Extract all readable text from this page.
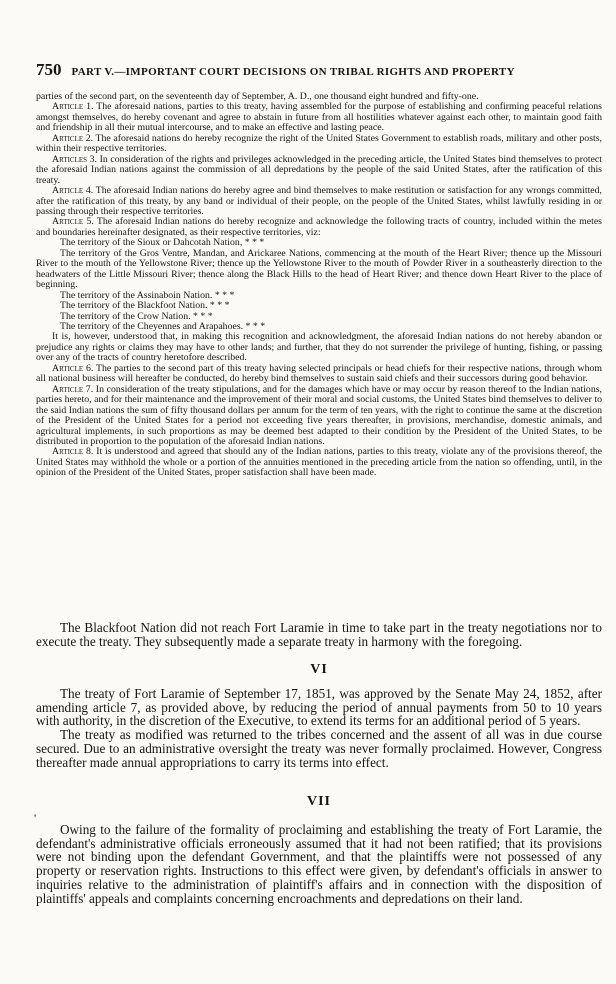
750 PART V.—IMPORTANT COURT DECISIONS ON TRIBAL RIGHTS AND PROPERTY

parties of the second part, on the seventeenth day of September, A. D., one thousand eight hundred and fifty-one.

Article 1. The aforesaid nations, parties to this treaty, having assembled for the purpose of establishing and confirming peaceful relations amongst themselves, do hereby covenant and agree to abstain in future from all hostilities whatever against each other, to maintain good faith and friendship in all their mutual intercourse, and to make an effective and lasting peace.

Article 2. The aforesaid nations do hereby recognize the right of the United States Government to establish roads, military and other posts, within their respective territories.

Articles 3. In consideration of the rights and privileges acknowledged in the preceding article, the United States bind themselves to protect the aforesaid Indian nations against the commission of all depredations by the people of the said United States, after the ratification of this treaty.

Article 4. The aforesaid Indian nations do hereby agree and bind themselves to make restitution or satisfaction for any wrongs committed, after the ratification of this treaty, by any band or individual of their people, on the people of the United States, whilst lawfully residing in or passing through their respective territories.

Article 5. The aforesaid Indian nations do hereby recognize and acknowledge the following tracts of country, included within the metes and boundaries hereinafter designated, as their respective territories, viz:

The territory of the Sioux or Dahcotah Nation, * * *

The territory of the Gros Ventre, Mandan, and Arickaree Nations, commencing at the mouth of the Heart River; thence up the Missouri River to the mouth of the Yellowstone River; thence up the Yellowstone River to the mouth of Powder River in a southeasterly direction to the headwaters of the Little Missouri River; thence along the Black Hills to the head of Heart River; and thence down Heart River to the place of beginning.

The territory of the Assinaboin Nation. * * *

The territory of the Blackfoot Nation. * * *

The territory of the Crow Nation. * * *

The territory of the Cheyennes and Arapahoes. * * *

It is, however, understood that, in making this recognition and acknowledgment, the aforesaid Indian nations do not hereby abandon or prejudice any rights or claims they may have to other lands; and further, that they do not surrender the privilege of hunting, fishing, or passing over any of the tracts of country heretofore described.

Article 6. The parties to the second part of this treaty having selected principals or head chiefs for their respective nations, through whom all national business will hereafter be conducted, do hereby bind themselves to sustain said chiefs and their successors during good behavior.

Article 7. In consideration of the treaty stipulations, and for the damages which have or may occur by reason thereof to the Indian nations, parties hereto, and for their maintenance and the improvement of their moral and social customs, the United States bind themselves to deliver to the said Indian nations the sum of fifty thousand dollars per annum for the term of ten years, with the right to continue the same at the discretion of the President of the United States for a period not exceeding five years thereafter, in provisions, merchandise, domestic animals, and agricultural implements, in such proportions as may be deemed best adapted to their condition by the President of the United States, to be distributed in proportion to the population of the aforesaid Indian nations.

Article 8. It is understood and agreed that should any of the Indian nations, parties to this treaty, violate any of the provisions thereof, the United States may withhold the whole or a portion of the annuities mentioned in the preceding article from the nation so offending, until, in the opinion of the President of the United States, proper satisfaction shall have been made.

The Blackfoot Nation did not reach Fort Laramie in time to take part in the treaty negotiations nor to execute the treaty. They subsequently made a separate treaty in harmony with the foregoing.

VI

The treaty of Fort Laramie of September 17, 1851, was approved by the Senate May 24, 1852, after amending article 7, as provided above, by reducing the period of annual payments from 50 to 10 years with authority, in the discretion of the Executive, to extend its terms for an additional period of 5 years.

The treaty as modified was returned to the tribes concerned and the assent of all was in due course secured. Due to an administrative oversight the treaty was never formally proclaimed. However, Congress thereafter made annual appropriations to carry its terms into effect.

VII
'

Owing to the failure of the formality of proclaiming and establishing the treaty of Fort Laramie, the defendant's administrative officials erroneously assumed that it had not been ratified; that its provisions were not binding upon the defendant Government, and that the plaintiffs were not possessed of any property or reservation rights. Instructions to this effect were given, by defendant's officials in answer to inquiries relative to the administration of plaintiff's affairs and in connection with the disposition of plaintiffs' appeals and complaints concerning encroachments and depredations on their land.
